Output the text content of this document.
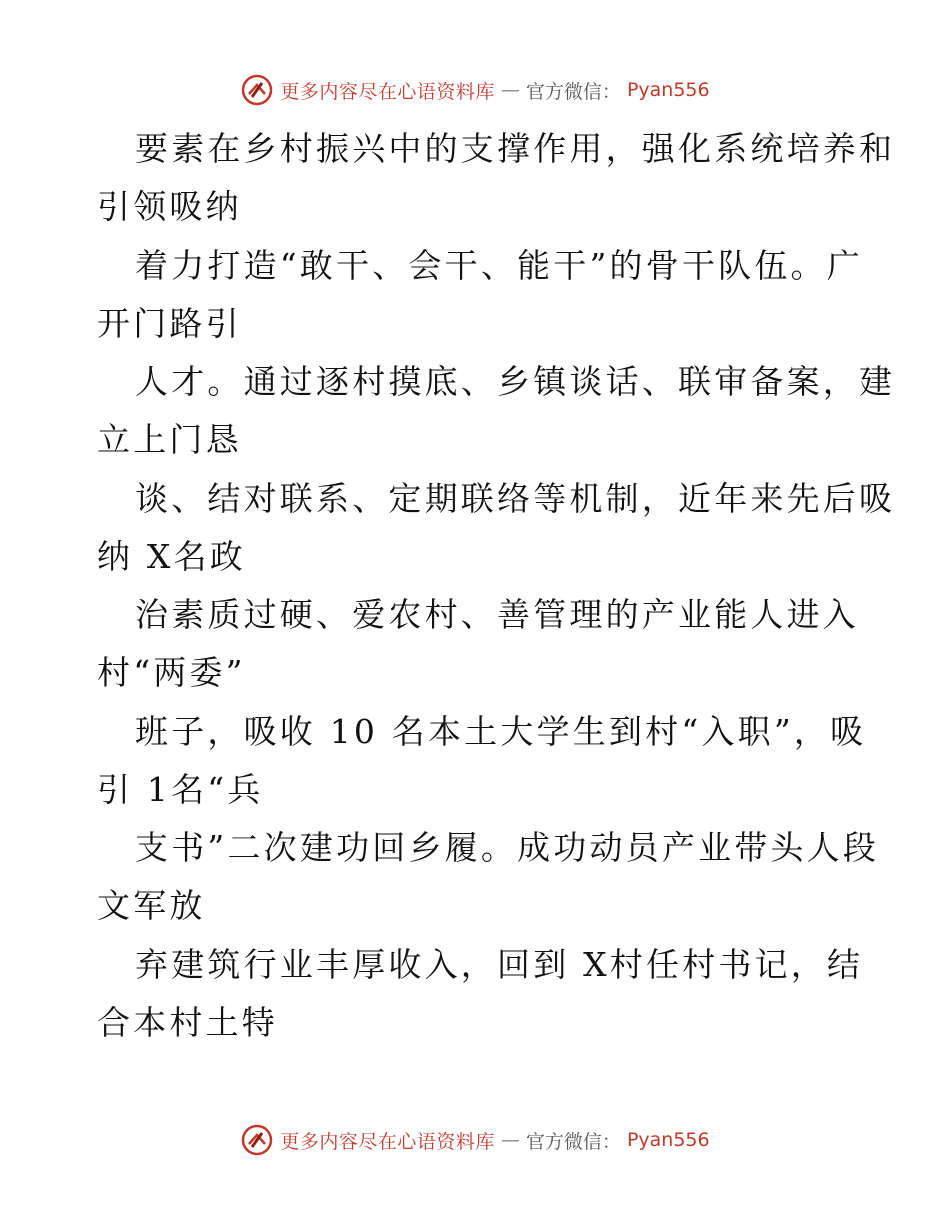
更多内容尽在心语资料库 — 官方微信： Pyan556
要素在乡村振兴中的支撑作用，强化系统培养和
引领吸纳
着力打造“敢干、会干、能干”的骨干队伍。广
开门路引
人才。通过逐村摸底、乡镇谈话、联审备案，建
立上门恳
谈、结对联系、定期联络等机制，近年来先后吸
纳 X名政
治素质过硬、爱农村、善管理的产业能人进入
村“两委”
班子，吸收 10 名本土大学生到村“入职”，吸
引 1名“兵
支书”二次建功回乡履。成功动员产业带头人段
文军放
弃建筑行业丰厚收入，回到 X村任村书记，结
合本村土特
更多内容尽在心语资料库 — 官方微信： Pyan556
